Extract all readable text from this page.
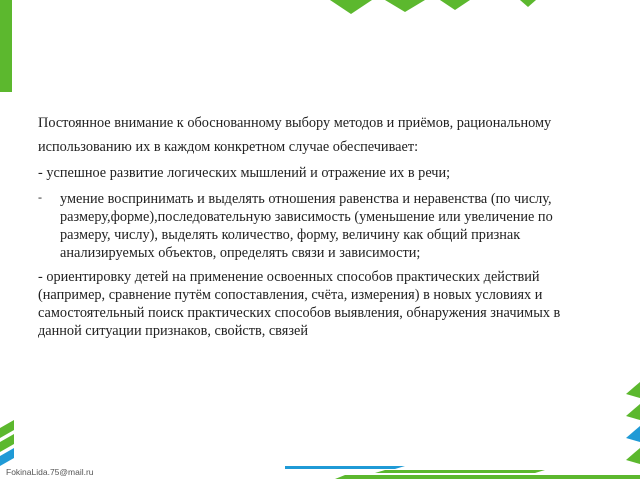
Постоянное внимание к обоснованному выбору методов и приёмов, рациональному

использованию их в каждом конкретном случае обеспечивает:

- успешное развитие логических мышлений и отражение их в речи;

- умение воспринимать и выделять отношения равенства и неравенства (по числу, размеру,форме),последовательную зависимость (уменьшение или увеличение по размеру, числу), выделять количество, форму, величину как общий признак анализируемых объектов, определять связи и зависимости;

- ориентировку детей на применение освоенных способов практических действий (например, сравнение путём сопоставления, счёта, измерения) в новых условиях и самостоятельный поиск практических способов выявления, обнаружения значимых в данной ситуации признаков, свойств, связей

FokinaLida.75@mail.ru
